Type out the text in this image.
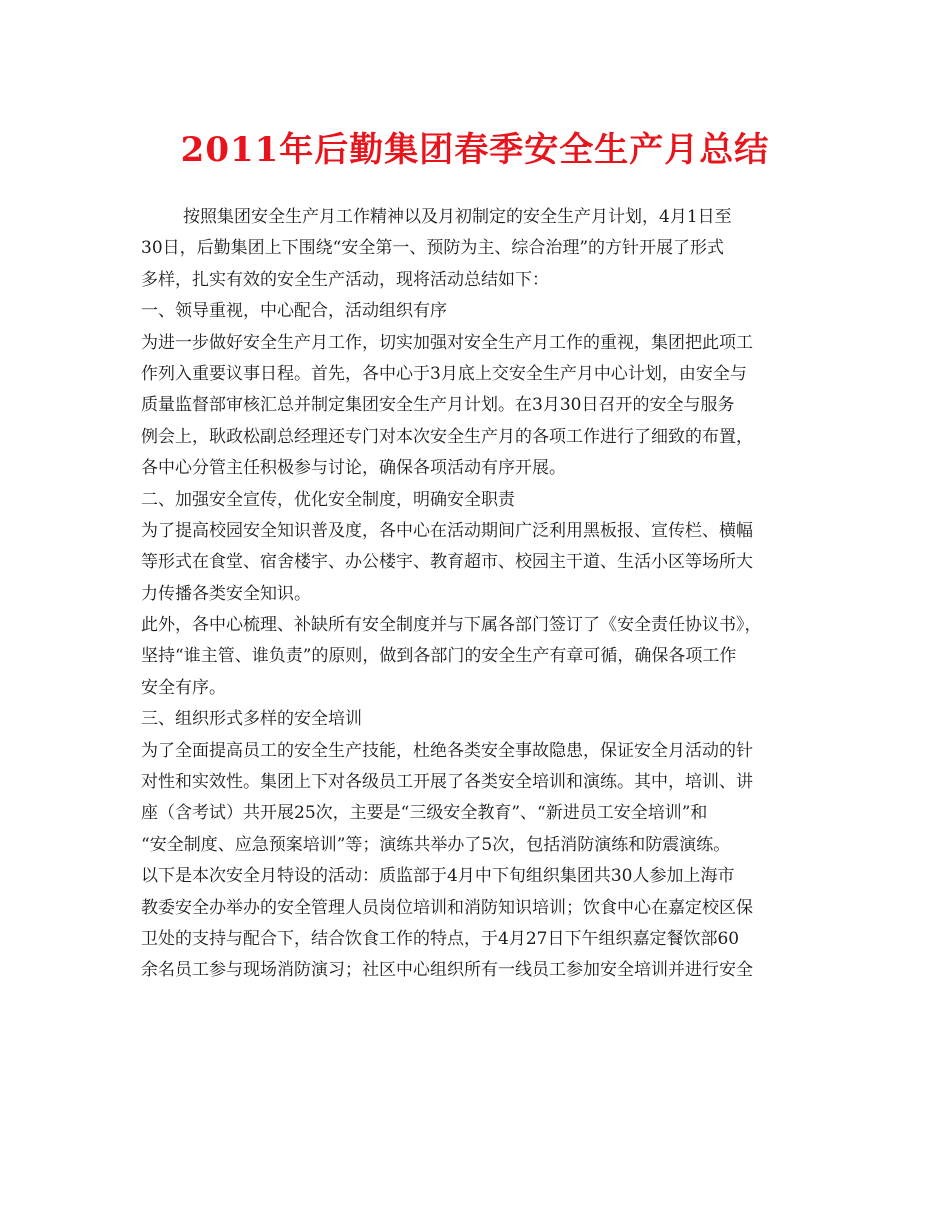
2011年后勤集团春季安全生产月总结
按照集团安全生产月工作精神以及月初制定的安全生产月计划，4月1日至
30日，后勤集团上下围绕“安全第一、预防为主、综合治理”的方针开展了形式
多样，扎实有效的安全生产活动，现将活动总结如下：
一、领导重视，中心配合，活动组织有序
为进一步做好安全生产月工作，切实加强对安全生产月工作的重视，集团把此项工
作列入重要议事日程。首先，各中心于3月底上交安全生产月中心计划，由安全与
质量监督部审核汇总并制定集团安全生产月计划。在3月30日召开的安全与服务
例会上，耿政松副总经理还专门对本次安全生产月的各项工作进行了细致的布置，
各中心分管主任积极参与讨论，确保各项活动有序开展。
二、加强安全宣传，优化安全制度，明确安全职责
为了提高校园安全知识普及度，各中心在活动期间广泛利用黑板报、宣传栏、横幅
等形式在食堂、宿舍楼宇、办公楼宇、教育超市、校园主干道、生活小区等场所大
力传播各类安全知识。
此外，各中心梳理、补缺所有安全制度并与下属各部门签订了《安全责任协议书》，
坚持“谁主管、谁负责”的原则，做到各部门的安全生产有章可循，确保各项工作
安全有序。
三、组织形式多样的安全培训
为了全面提高员工的安全生产技能，杜绝各类安全事故隐患，保证安全月活动的针
对性和实效性。集团上下对各级员工开展了各类安全培训和演练。其中，培训、讲
座（含考试）共开展25次，主要是“三级安全教育”、“新进员工安全培训”和
“安全制度、应急预案培训”等；演练共举办了5次，包括消防演练和防震演练。
以下是本次安全月特设的活动：质监部于4月中下旬组织集团共30人参加上海市
教委安全办举办的安全管理人员岗位培训和消防知识培训；饮食中心在嘉定校区保
卫处的支持与配合下，结合饮食工作的特点，于4月27日下午组织嘉定餐饮部60
余名员工参与现场消防演习；社区中心组织所有一线员工参加安全培训并进行安全
